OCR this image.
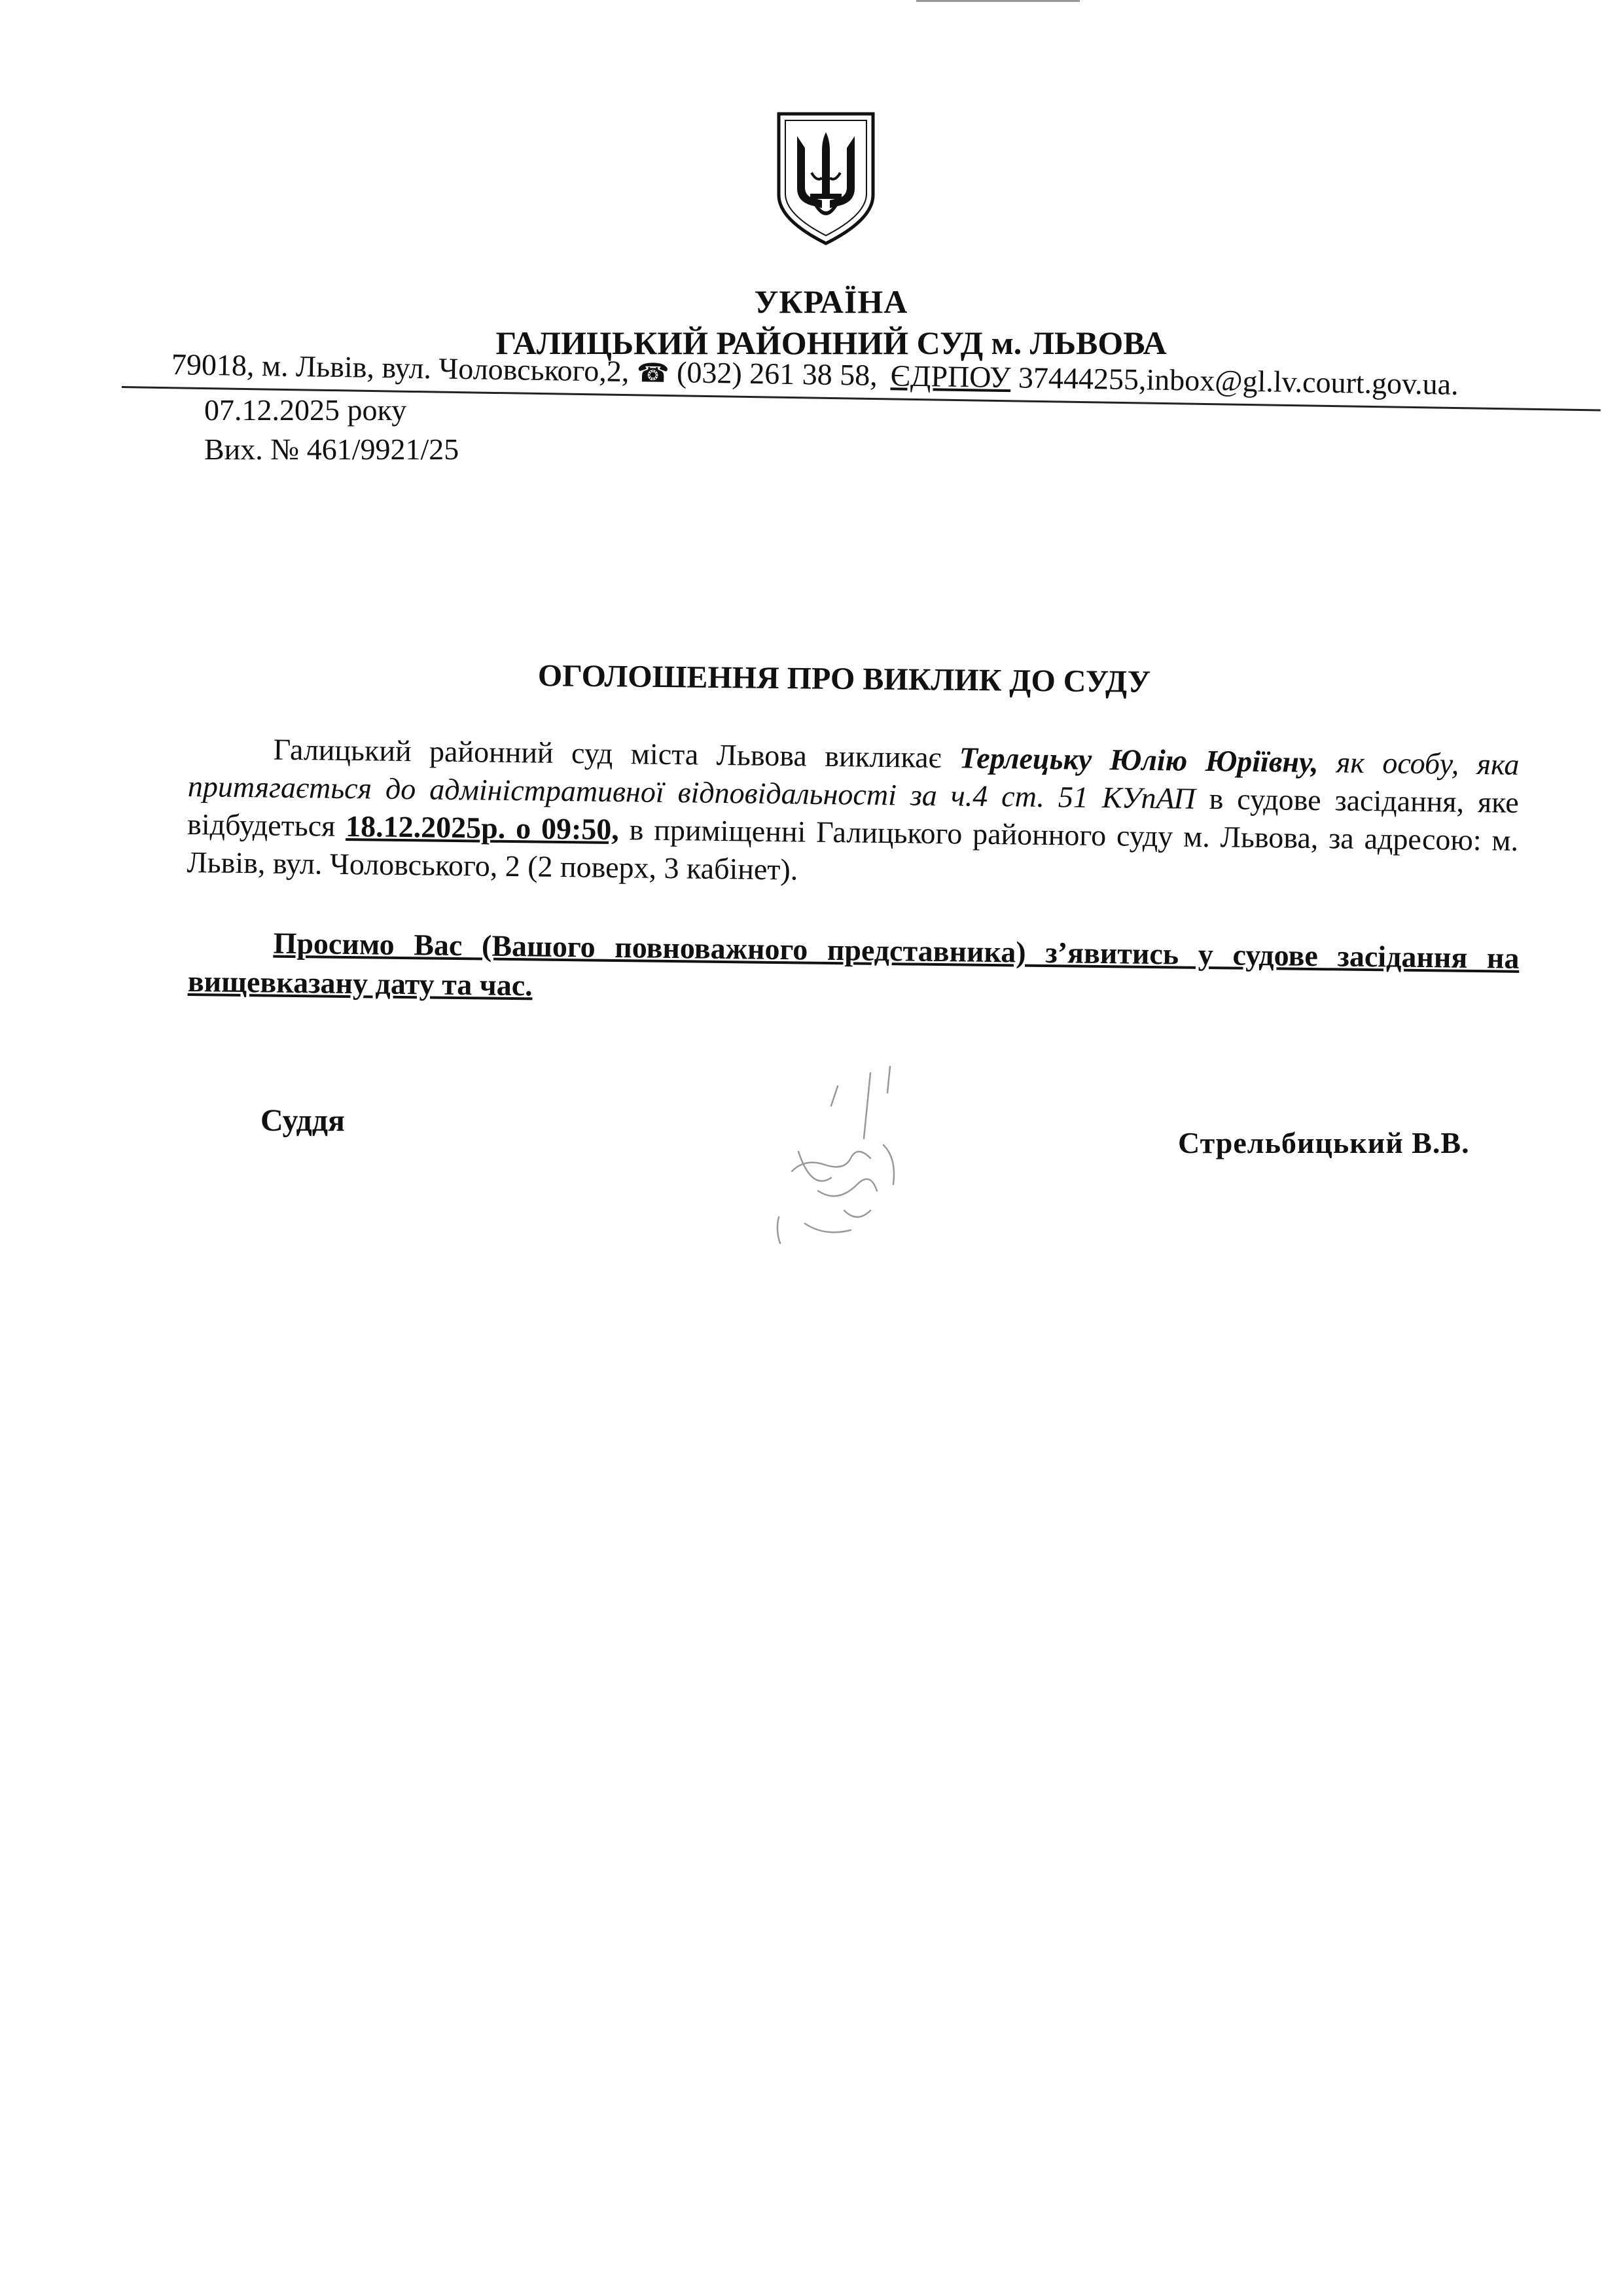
УКРАЇНА
ГАЛИЦЬКИЙ РАЙОННИЙ СУД м. ЛЬВОВА
79018, м. Львів, вул. Чоловського,2, ☎ (032) 261 38 58, ЄДРПОУ 37444255,inbox@gl.lv.court.gov.ua.
07.12.2025 року
Вих. № 461/9921/25
ОГОЛОШЕННЯ ПРО ВИКЛИК ДО СУДУ
Галицький районний суд міста Львова викликає Терлецьку Юлію Юріївну, як особу, яка притягається до адміністративної відповідальності за ч.4 ст. 51 КУпАП в судове засідання, яке відбудеться 18.12.2025р. о 09:50, в приміщенні Галицького районного суду м. Львова, за адресою: м. Львів, вул. Чоловського, 2 (2 поверх, 3 кабінет).
Просимо Вас (Вашого повноважного представника) з’явитись у судове засідання на вищевказану дату та час.
Суддя
Стрельбицький В.В.
